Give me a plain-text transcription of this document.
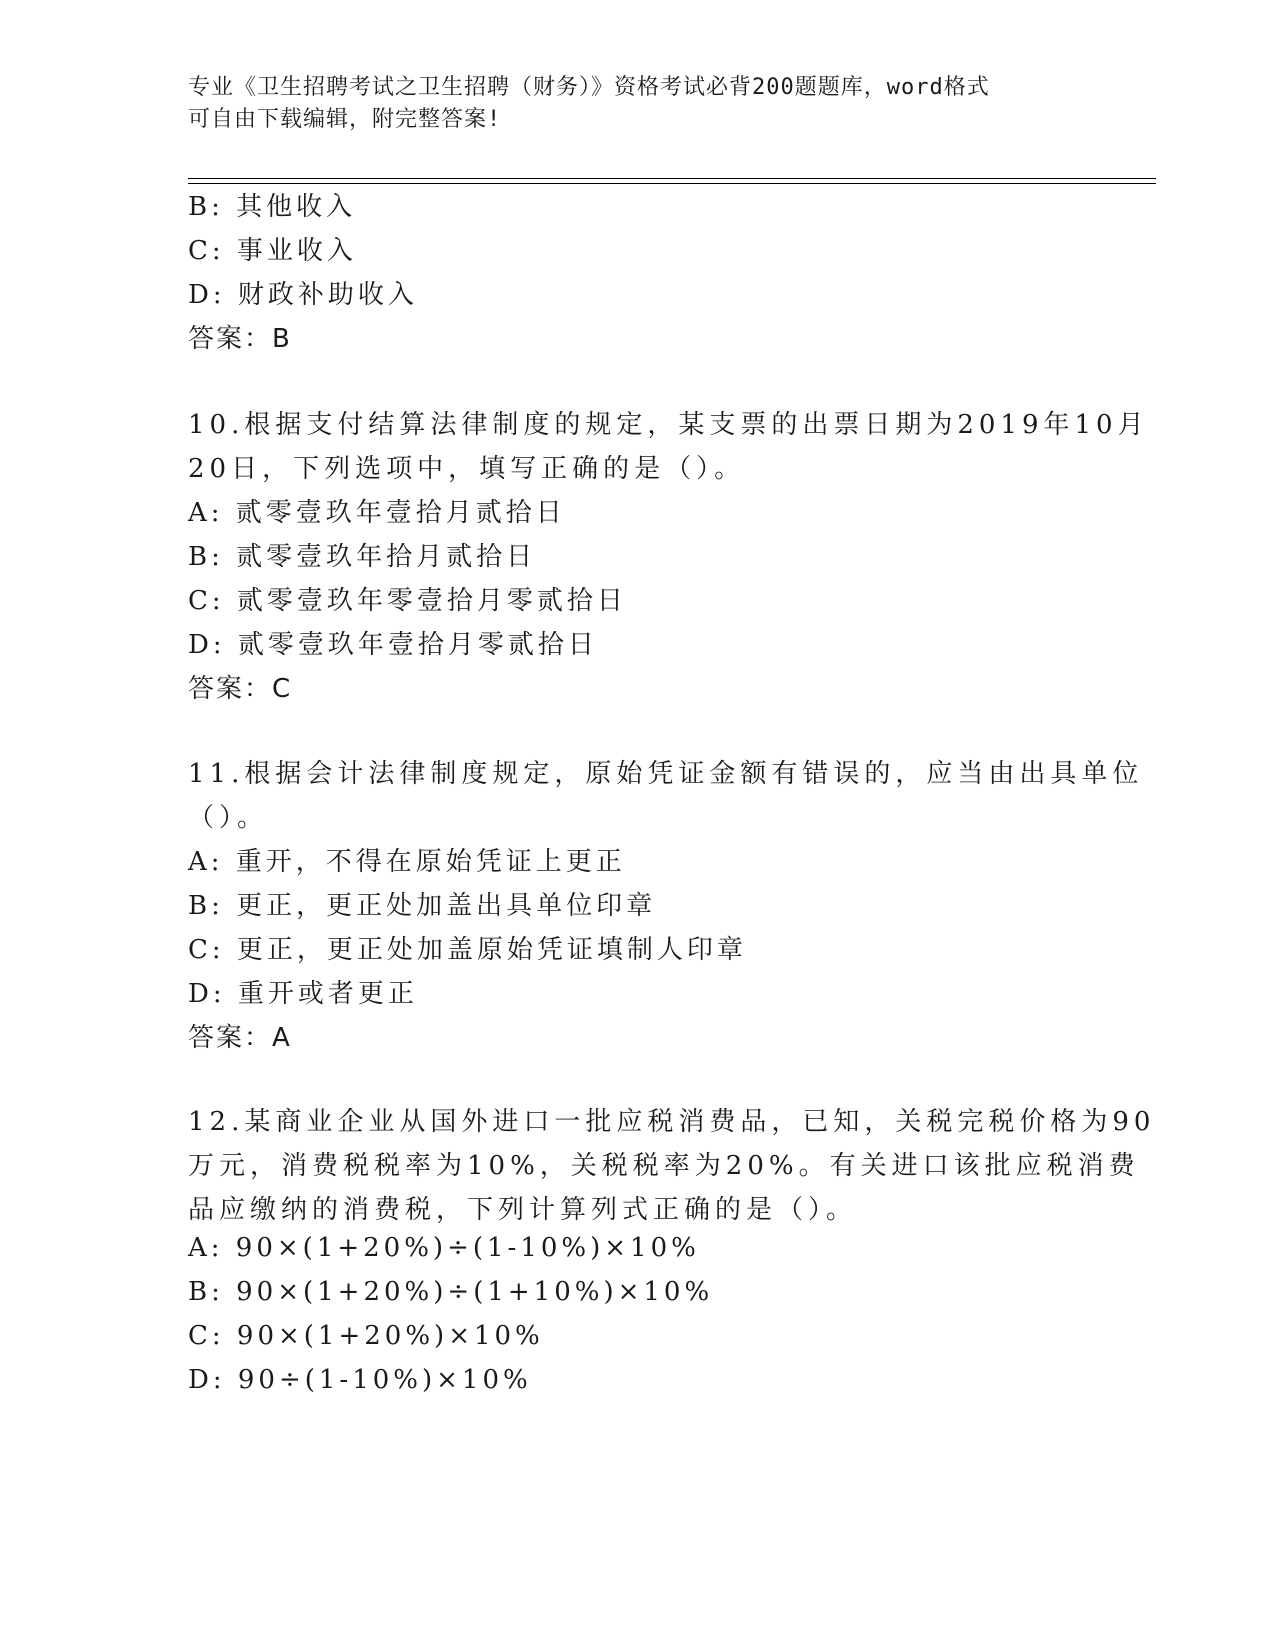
专业《卫生招聘考试之卫生招聘（财务）》资格考试必背200题题库，word格式
可自由下载编辑，附完整答案!
B: 其他收入
C: 事业收入
D: 财政补助收入
答案：B
10.根据支付结算法律制度的规定，某支票的出票日期为2019年10月
20日，下列选项中，填写正确的是（）。
A: 贰零壹玖年壹拾月贰拾日
B: 贰零壹玖年拾月贰拾日
C: 贰零壹玖年零壹拾月零贰拾日
D: 贰零壹玖年壹拾月零贰拾日
答案：C
11.根据会计法律制度规定，原始凭证金额有错误的，应当由出具单位
（）。
A: 重开，不得在原始凭证上更正
B: 更正，更正处加盖出具单位印章
C: 更正，更正处加盖原始凭证填制人印章
D: 重开或者更正
答案：A
12.某商业企业从国外进口一批应税消费品，已知，关税完税价格为90
万元，消费税税率为10%，关税税率为20%。有关进口该批应税消费
品应缴纳的消费税，下列计算列式正确的是（）。
A: 90×(1+20%)÷(1-10%)×10%
B: 90×(1+20%)÷(1+10%)×10%
C: 90×(1+20%)×10%
D: 90÷(1-10%)×10%
